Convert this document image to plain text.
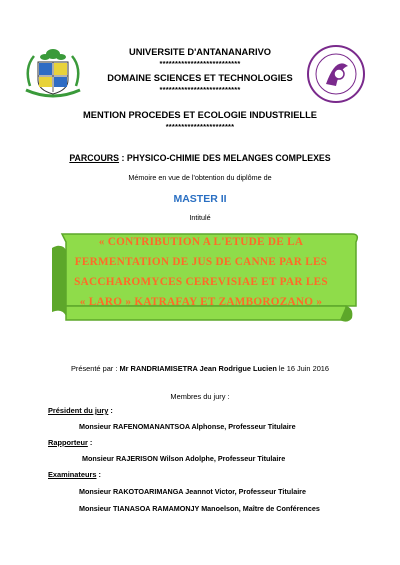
UNIVERSITE D'ANTANANARIVO
**************************
DOMAINE SCIENCES ET TECHNOLOGIES
**************************
MENTION PROCEDES ET ECOLOGIE INDUSTRIELLE
**********************
PARCOURS : PHYSICO-CHIMIE DES MELANGES COMPLEXES
Mémoire en vue de l'obtention du diplôme de
MASTER II
Intitulé
« CONTRIBUTION A L'ETUDE DE LA
FERMENTATION DE JUS DE CANNE PAR LES
SACCHAROMYCES CEREVISIAE ET PAR LES
« LARO » KATRAFAY ET ZAMBOROZANO »
Présenté par : Mr RANDRIAMISETRA Jean Rodrigue Lucien le 16 Juin 2016
Membres du jury :
Président du jury :
Monsieur RAFENOMANANTSOA Alphonse, Professeur Titulaire
Rapporteur :
Monsieur RAJERISON Wilson Adolphe, Professeur Titulaire
Examinateurs :
Monsieur RAKOTOARIMANGA Jeannot Victor, Professeur Titulaire
Monsieur TIANASOA RAMAMONJY Manoelson, Maître de Conférences
